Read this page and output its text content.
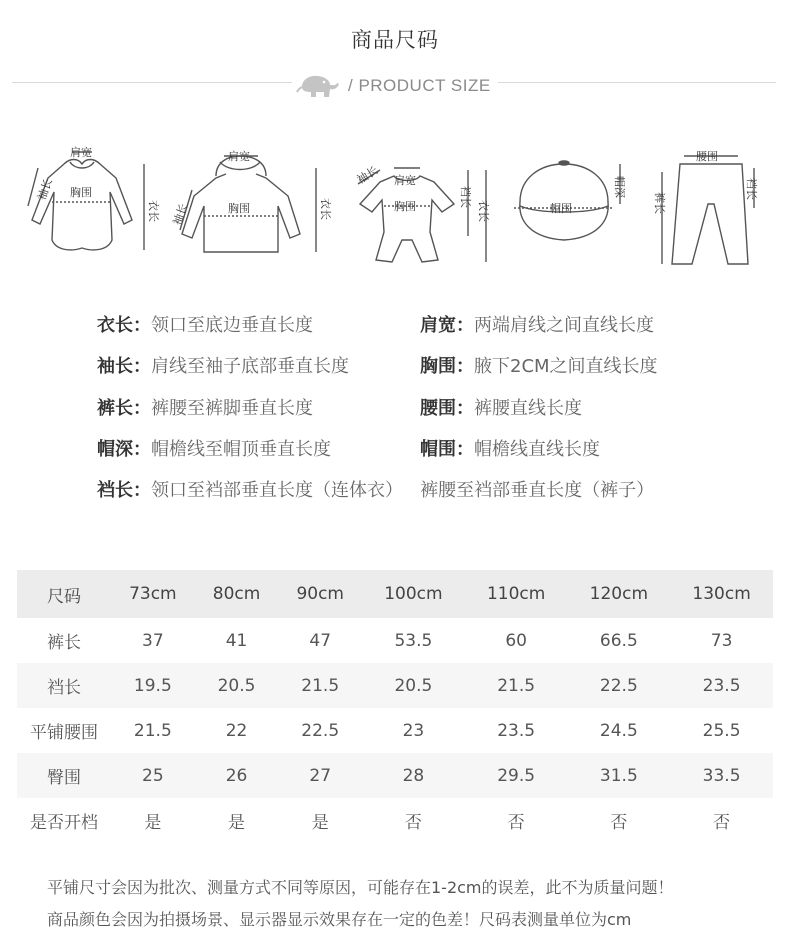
商品尺码
/ PRODUCT SIZE
肩宽
胸围
袖长
衣长
肩宽
胸围
袖长	衣长
袖长 肩宽
胸围	裆长
衣长	帽围
帽深
腰围
裤长
裆长
衣长：领口至底边垂直长度	肩宽：两端肩线之间直线长度
袖长：肩线至袖子底部垂直长度	胸围：腋下2CM之间直线长度
裤长：裤腰至裤脚垂直长度	腰围：裤腰直线长度
帽深：帽檐线至帽顶垂直长度	帽围：帽檐线直线长度
裆长：领口至裆部垂直长度（连体衣）   裤腰至裆部垂直长度（裤子）
尺码	73cm	80cm	90cm	100cm	110cm	120cm	130cm
裤长	37	41	47	53.5	60	66.5	73
裆长	19.5	20.5	21.5	20.5	21.5	22.5	23.5
平铺腰围	21.5	22	22.5	23	23.5	24.5	25.5
臀围	25	26	27	28	29.5	31.5	33.5
是否开档	是	是	是	否	否	否	否
平铺尺寸会因为批次、测量方式不同等原因，可能存在1-2cm的误差，此不为质量问题！
商品颜色会因为拍摄场景、显示器显示效果存在一定的色差！尺码表测量单位为cm
